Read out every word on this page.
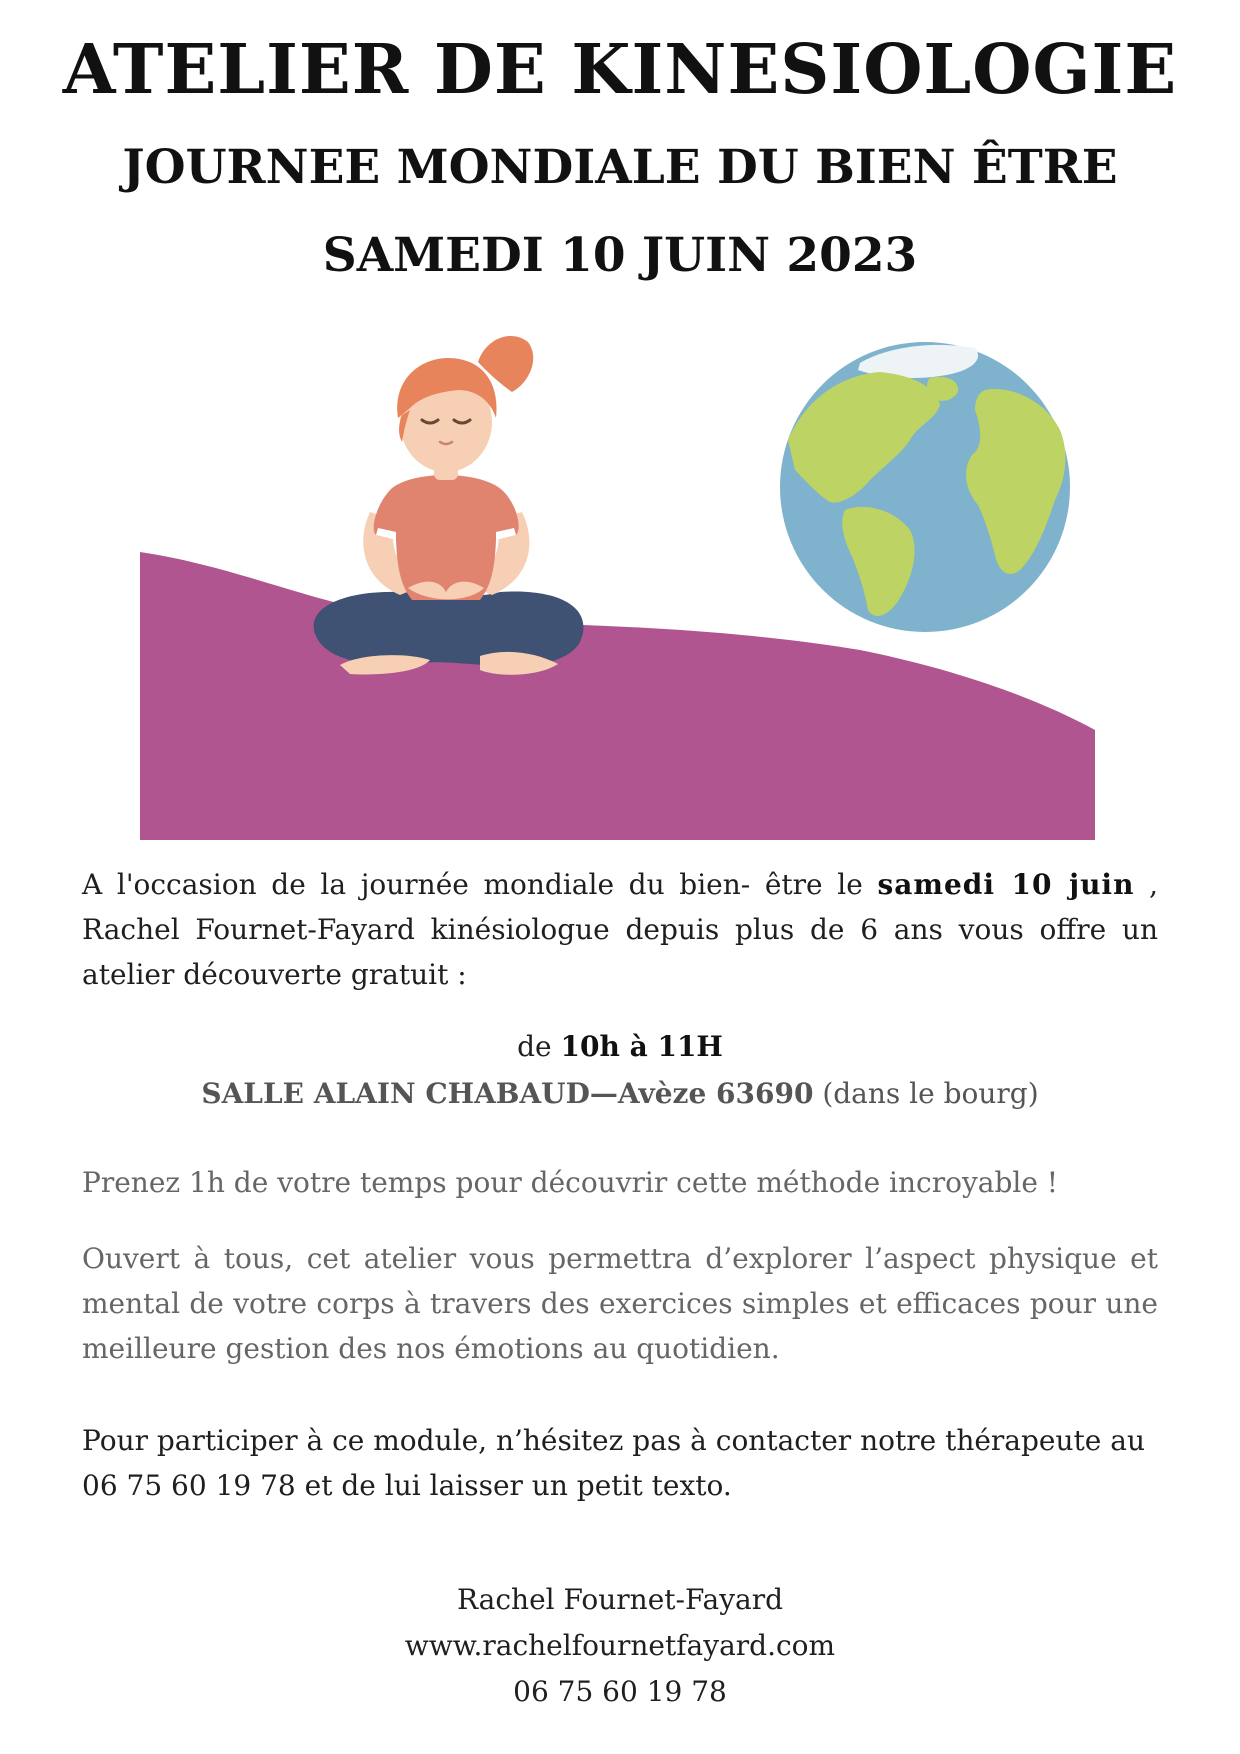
ATELIER DE KINESIOLOGIE
JOURNEE MONDIALE DU BIEN ÊTRE
SAMEDI 10 JUIN 2023

A l'occasion de la journée mondiale du bien- être le samedi 10 juin , Rachel Fournet-Fayard kinésiologue depuis plus de 6 ans vous offre un atelier découverte gratuit :

de 10h à 11H

SALLE ALAIN CHABAUD—Avèze 63690 (dans le bourg)

Prenez 1h de votre temps pour découvrir cette méthode incroyable !

Ouvert à tous, cet atelier vous permettra d’explorer l’aspect physique et mental de votre corps à travers des exercices simples et efficaces pour une meilleure gestion des nos émotions au quotidien.

Pour participer à ce module, n’hésitez pas à contacter notre thérapeute au 06 75 60 19 78 et de lui laisser un petit texto.

Rachel Fournet-Fayard
www.rachelfournetfayard.com
06 75 60 19 78
